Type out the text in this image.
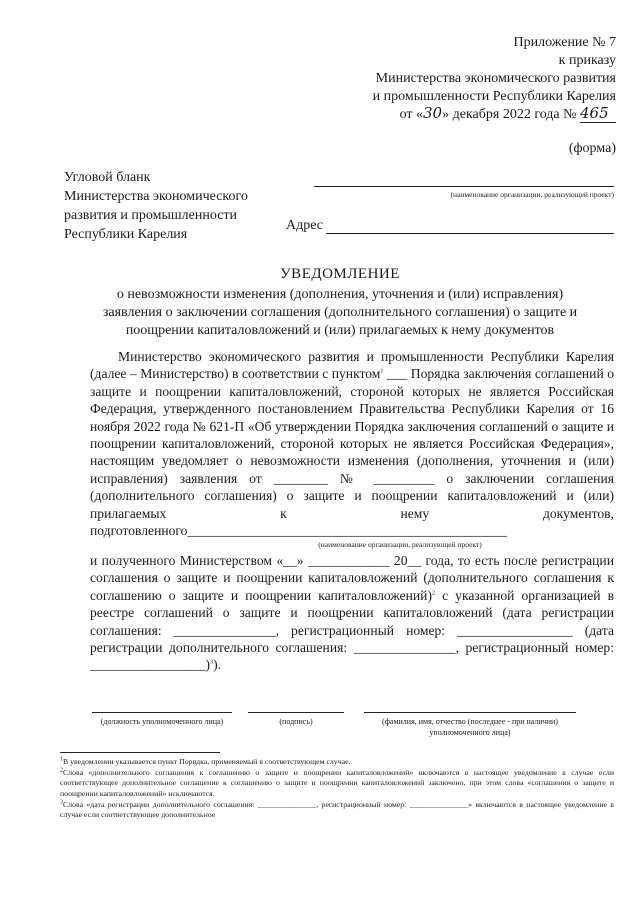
Приложение № 7
к приказу
Министерства экономического развития
и промышленности Республики Карелия
от «30» декабря 2022 года № 465
(форма)
Угловой бланк
Министерства экономического
развития и промышленности
Республики Карелия
(наименование организации, реализующей проект)
Адрес
УВЕДОМЛЕНИЕ
о невозможности изменения (дополнения, уточнения и (или) исправления)
заявления о заключении соглашения (дополнительного соглашения) о защите и
поощрении капиталовложений и (или) прилагаемых к нему документов

Министерство экономического развития и промышленности Республики Карелия (далее – Министерство) в соответствии с пунктом$^1$ ___ Порядка заключения соглашений о защите и поощрении капиталовложений, стороной которых не является Российская Федерация, утвержденного постановлением Правительства Республики Карелия от 16 ноября 2022 года № 621-П «Об утверждении Порядка заключения соглашений о защите и поощрении капиталовложений, стороной которых не является Российская Федерация», настоящим уведомляет о невозможности изменения (дополнения, уточнения и (или) исправления) заявления от ________ № _________ о заключении соглашения (дополнительного соглашения) о защите и поощрении капиталовложений и (или) прилагаемых к нему документов, подготовленного_______________________________________________

(наименование организации, реализующей проект)

и полученного Министерством «__» ____________ 20__ года, то есть после регистрации соглашения о защите и поощрении капиталовложений (дополнительного соглашения к соглашению о защите и поощрении капиталовложений)$^2$ с указанной организацией в реестре соглашений о защите и поощрении капиталовложений (дата регистрации соглашения: _______________, регистрационный номер: _________________ (дата регистрации дополнительного соглашения: _______________, регистрационный номер: _________________)$^3$).

(должность уполномоченного лица)	(подпись)	(фамилия, имя, отчество (последнее - при наличии) уполномоченного лица)

$^1$В уведомлении указывается пункт Порядка, применяемый в соответствующем случае.

$^2$Слова «дополнительного соглашения к соглашению о защите и поощрении капиталовложений» включаются в настоящее уведомление в случае если соответствующее дополнительное соглашение к соглашению о защите и поощрении капиталовложений заключено, при этом слова «соглашения о защите и поощрении капиталовложений» исключаются.

$^3$Слова «дата регистрации дополнительного соглашения: _______________, регистрационный номер: _______________» включаются в настоящее уведомление в случае если соответствующее дополнительное
